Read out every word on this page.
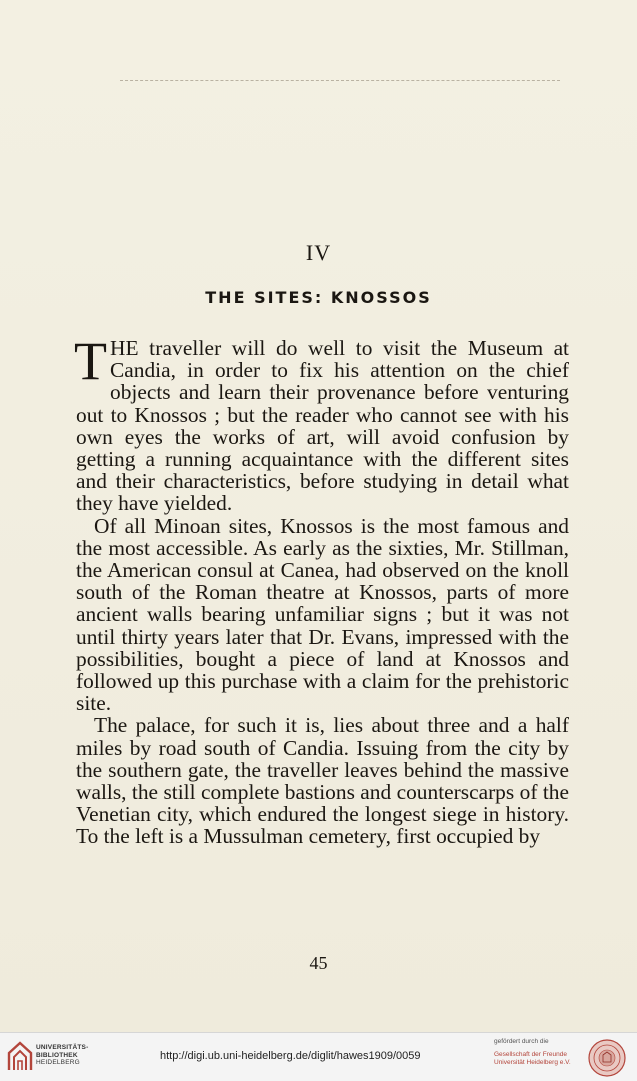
IV
THE SITES: KNOSSOS

THE traveller will do well to visit the Museum at Candia, in order to fix his attention on the chief objects and learn their provenance before venturing out to Knossos ; but the reader who cannot see with his own eyes the works of art, will avoid confusion by getting a running acquaintance with the different sites and their characteristics, before studying in detail what they have yielded.

Of all Minoan sites, Knossos is the most famous and the most accessible. As early as the sixties, Mr. Stillman, the American consul at Canea, had observed on the knoll south of the Roman theatre at Knossos, parts of more ancient walls bearing unfamiliar signs ; but it was not until thirty years later that Dr. Evans, impressed with the possibilities, bought a piece of land at Knossos and followed up this purchase with a claim for the prehistoric site.

The palace, for such it is, lies about three and a half miles by road south of Candia. Issuing from the city by the southern gate, the traveller leaves behind the massive walls, the still complete bastions and counterscarps of the Venetian city, which endured the longest siege in history. To the left is a Mussulman cemetery, first occupied by

45
UNIVERSITÄTS-
BIBLIOTHEK
HEIDELBERG
http://digi.ub.uni-heidelberg.de/diglit/hawes1909/0059
gefördert durch die
Gesellschaft der Freunde
Universität Heidelberg e.V.
